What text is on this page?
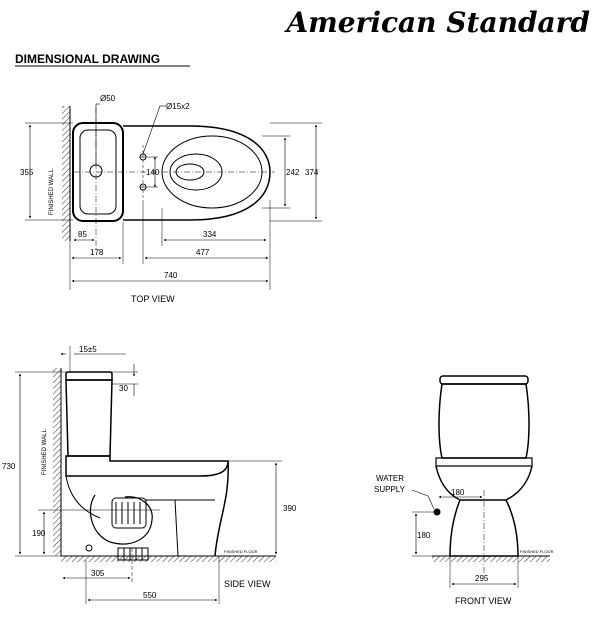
American Standard
DIMENSIONAL DRAWING
Ø50
Ø15x2
355	140	242 374
85	334
178	477
740
FINISHED WALL
TOP VIEW
15±5
30
730
390
190
305
550
FINISHED WALL
FINISHED FLOOR
SIDE VIEW
WATER
SUPPLY	180
180
295
FINISHED FLOOR
FRONT VIEW
